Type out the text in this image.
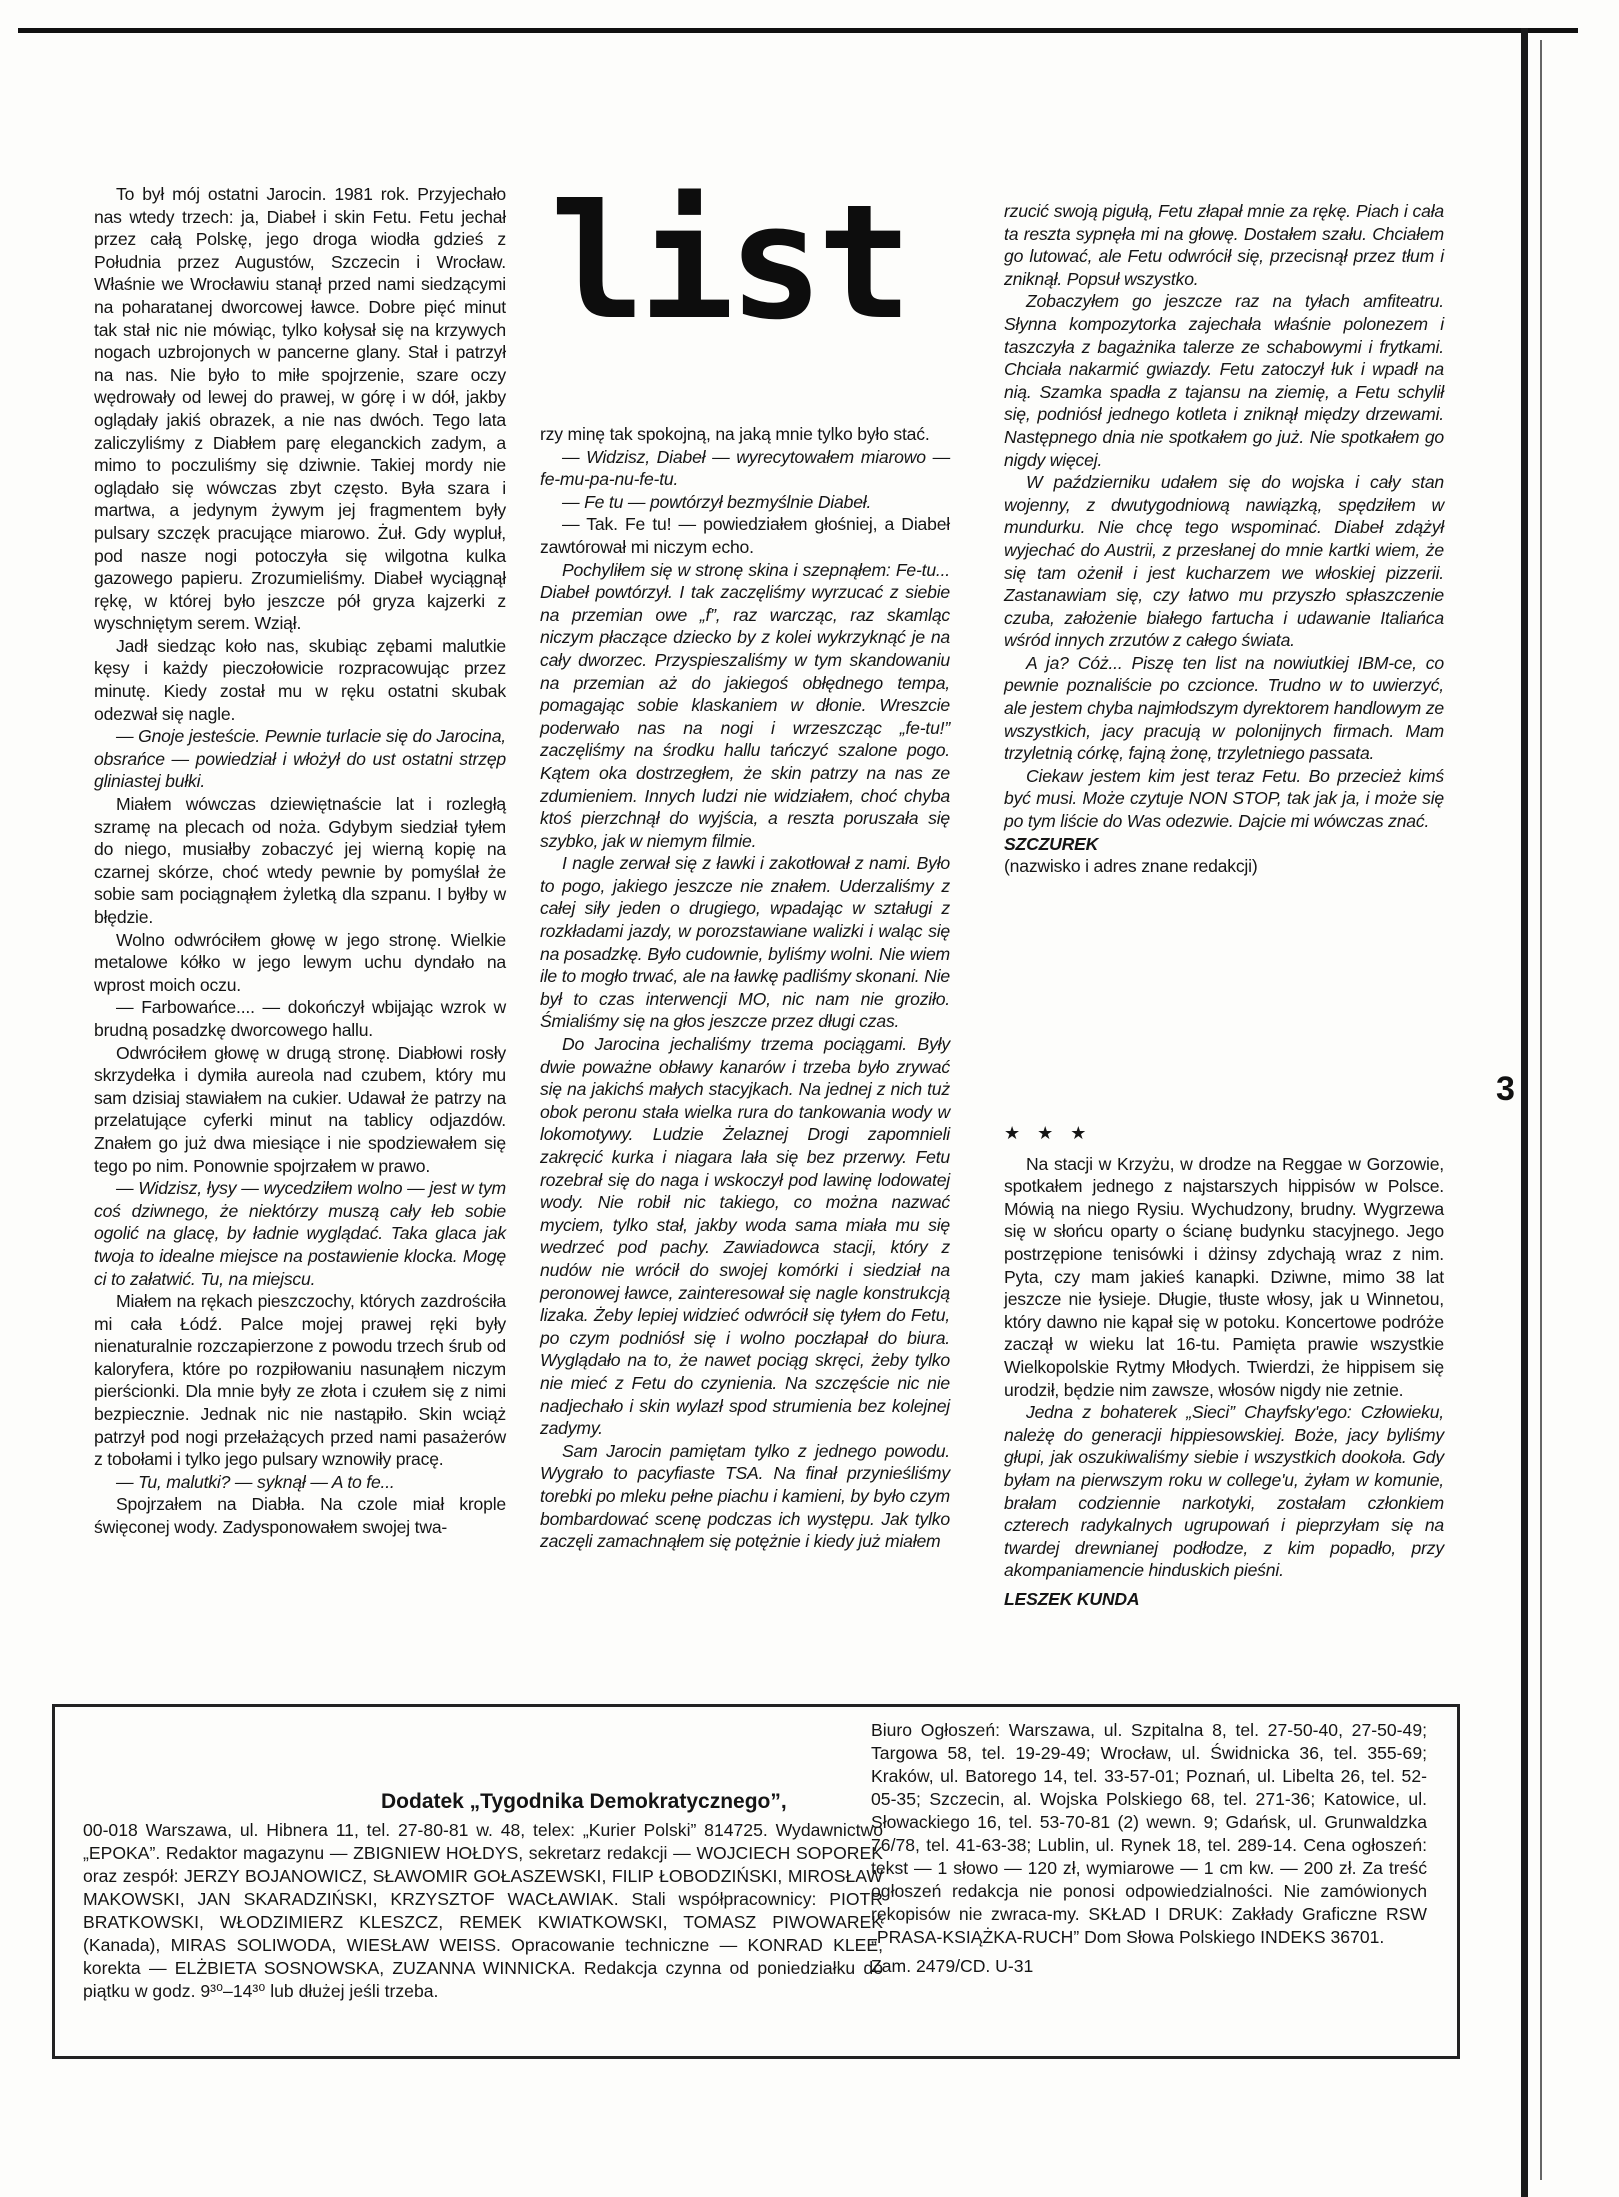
3
list

To był mój ostatni Jarocin. 1981 rok. Przyjechało nas wtedy trzech: ja, Diabeł i skin Fetu. Fetu jechał przez całą Polskę, jego droga wiodła gdzieś z Południa przez Augustów, Szczecin i Wrocław. Właśnie we Wrocławiu stanął przed nami siedzącymi na poharatanej dworcowej ławce. Dobre pięć minut tak stał nic nie mówiąc, tylko kołysał się na krzywych nogach uzbrojonych w pancerne glany. Stał i patrzył na nas. Nie było to miłe spojrzenie, szare oczy wędrowały od lewej do prawej, w górę i w dół, jakby oglądały jakiś obrazek, a nie nas dwóch. Tego lata zaliczyliśmy z Diabłem parę eleganckich zadym, a mimo to poczuliśmy się dziwnie. Takiej mordy nie oglądało się wówczas zbyt często. Była szara i martwa, a jedynym żywym jej fragmentem były pulsary szczęk pracujące miarowo. Żuł. Gdy wypluł, pod nasze nogi potoczyła się wilgotna kulka gazowego papieru. Zrozumieliśmy. Diabeł wyciągnął rękę, w której było jeszcze pół gryza kajzerki z wyschniętym serem. Wziął.

Jadł siedząc koło nas, skubiąc zębami malutkie kęsy i każdy pieczołowicie rozpracowując przez minutę. Kiedy został mu w ręku ostatni skubak odezwał się nagle.

— Gnoje jesteście. Pewnie turlacie się do Jarocina, obsrańce — powiedział i włożył do ust ostatni strzęp gliniastej bułki.

Miałem wówczas dziewiętnaście lat i rozległą szramę na plecach od noża. Gdybym siedział tyłem do niego, musiałby zobaczyć jej wierną kopię na czarnej skórze, choć wtedy pewnie by pomyślał że sobie sam pociągnąłem żyletką dla szpanu. I byłby w błędzie.

Wolno odwróciłem głowę w jego stronę. Wielkie metalowe kółko w jego lewym uchu dyndało na wprost moich oczu.

— Farbowańce.... — dokończył wbijając wzrok w brudną posadzkę dworcowego hallu.

Odwróciłem głowę w drugą stronę. Diabłowi rosły skrzydełka i dymiła aureola nad czubem, który mu sam dzisiaj stawiałem na cukier. Udawał że patrzy na przelatujące cyferki minut na tablicy odjazdów. Znałem go już dwa miesiące i nie spodziewałem się tego po nim. Ponownie spojrzałem w prawo.

— Widzisz, łysy — wycedziłem wolno — jest w tym coś dziwnego, że niektórzy muszą cały łeb sobie ogolić na glacę, by ładnie wyglądać. Taka glaca jak twoja to idealne miejsce na postawienie klocka. Mogę ci to załatwić. Tu, na miejscu.

Miałem na rękach pieszczochy, których zazdrościła mi cała Łódź. Palce mojej prawej ręki były nienaturalnie rozczapierzone z powodu trzech śrub od kaloryfera, które po rozpiłowaniu nasunąłem niczym pierścionki. Dla mnie były ze złota i czułem się z nimi bezpiecznie. Jednak nic nie nastąpiło. Skin wciąż patrzył pod nogi przełażących przed nami pasażerów z tobołami i tylko jego pulsary wznowiły pracę.

— Tu, malutki? — syknął — A to fe...

Spojrzałem na Diabła. Na czole miał krople święconej wody. Zadysponowałem swojej twa-

rzy minę tak spokojną, na jaką mnie tylko było stać.

— Widzisz, Diabeł — wyrecytowałem miarowo — fe-mu-pa-nu-fe-tu.

— Fe tu — powtórzył bezmyślnie Diabeł.

— Tak. Fe tu! — powiedziałem głośniej, a Diabeł zawtórował mi niczym echo.

Pochyliłem się w stronę skina i szepnąłem: Fe-tu... Diabeł powtórzył. I tak zaczęliśmy wyrzucać z siebie na przemian owe „f”, raz warcząc, raz skamląc niczym płaczące dziecko by z kolei wykrzyknąć je na cały dworzec. Przyspieszaliśmy w tym skandowaniu na przemian aż do jakiegoś obłędnego tempa, pomagając sobie klaskaniem w dłonie. Wreszcie poderwało nas na nogi i wrzeszcząc „fe-tu!” zaczęliśmy na środku hallu tańczyć szalone pogo. Kątem oka dostrzegłem, że skin patrzy na nas ze zdumieniem. Innych ludzi nie widziałem, choć chyba ktoś pierzchnął do wyjścia, a reszta poruszała się szybko, jak w niemym filmie.

I nagle zerwał się z ławki i zakotłował z nami. Było to pogo, jakiego jeszcze nie znałem. Uderzaliśmy z całej siły jeden o drugiego, wpadając w ształugi z rozkładami jazdy, w porozstawiane walizki i waląc się na posadzkę. Było cudownie, byliśmy wolni. Nie wiem ile to mogło trwać, ale na ławkę padliśmy skonani. Nie był to czas interwencji MO, nic nam nie groziło. Śmialiśmy się na głos jeszcze przez długi czas.

Do Jarocina jechaliśmy trzema pociągami. Były dwie poważne obławy kanarów i trzeba było zrywać się na jakichś małych stacyjkach. Na jednej z nich tuż obok peronu stała wielka rura do tankowania wody w lokomotywy. Ludzie Żelaznej Drogi zapomnieli zakręcić kurka i niagara lała się bez przerwy. Fetu rozebrał się do naga i wskoczył pod lawinę lodowatej wody. Nie robił nic takiego, co można nazwać myciem, tylko stał, jakby woda sama miała mu się wedrzeć pod pachy. Zawiadowca stacji, który z nudów nie wrócił do swojej komórki i siedział na peronowej ławce, zainteresował się nagle konstrukcją lizaka. Żeby lepiej widzieć odwrócił się tyłem do Fetu, po czym podniósł się i wolno poczłapał do biura. Wyglądało na to, że nawet pociąg skręci, żeby tylko nie mieć z Fetu do czynienia. Na szczęście nic nie nadjechało i skin wylazł spod strumienia bez kolejnej zadymy.

Sam Jarocin pamiętam tylko z jednego powodu. Wygrało to pacyfiaste TSA. Na finał przynieśliśmy torebki po mleku pełne piachu i kamieni, by było czym bombardować scenę podczas ich występu. Jak tylko zaczęli zamachnąłem się potężnie i kiedy już miałem

rzucić swoją pigułą, Fetu złapał mnie za rękę. Piach i cała ta reszta sypnęła mi na głowę. Dostałem szału. Chciałem go lutować, ale Fetu odwrócił się, przecisnął przez tłum i zniknął. Popsuł wszystko.

Zobaczyłem go jeszcze raz na tyłach amfiteatru. Słynna kompozytorka zajechała właśnie polonezem i taszczyła z bagażnika talerze ze schabowymi i frytkami. Chciała nakarmić gwiazdy. Fetu zatoczył łuk i wpadł na nią. Szamka spadła z tajansu na ziemię, a Fetu schylił się, podniósł jednego kotleta i zniknął między drzewami. Następnego dnia nie spotkałem go już. Nie spotkałem go nigdy więcej.

W październiku udałem się do wojska i cały stan wojenny, z dwutygodniową nawiązką, spędziłem w mundurku. Nie chcę tego wspominać. Diabeł zdążył wyjechać do Austrii, z przesłanej do mnie kartki wiem, że się tam ożenił i jest kucharzem we włoskiej pizzerii. Zastanawiam się, czy łatwo mu przyszło spłaszczenie czuba, założenie białego fartucha i udawanie Italiańca wśród innych zrzutów z całego świata.

A ja? Cóż... Piszę ten list na nowiutkiej IBM-ce, co pewnie poznaliście po czcionce. Trudno w to uwierzyć, ale jestem chyba najmłodszym dyrektorem handlowym ze wszystkich, jacy pracują w polonijnych firmach. Mam trzyletnią córkę, fajną żonę, trzyletniego passata.

Ciekaw jestem kim jest teraz Fetu. Bo przecież kimś być musi. Może czytuje NON STOP, tak jak ja, i może się po tym liście do Was odezwie. Dajcie mi wówczas znać.

SZCZUREK

(nazwisko i adres znane redakcji)

★ ★ ★

Na stacji w Krzyżu, w drodze na Reggae w Gorzowie, spotkałem jednego z najstarszych hippisów w Polsce. Mówią na niego Rysiu. Wychudzony, brudny. Wygrzewa się w słońcu oparty o ścianę budynku stacyjnego. Jego postrzępione tenisówki i dżinsy zdychają wraz z nim. Pyta, czy mam jakieś kanapki. Dziwne, mimo 38 lat jeszcze nie łysieje. Długie, tłuste włosy, jak u Winnetou, który dawno nie kąpał się w potoku. Koncertowe podróże zaczął w wieku lat 16-tu. Pamięta prawie wszystkie Wielkopolskie Rytmy Młodych. Twierdzi, że hippisem się urodził, będzie nim zawsze, włosów nigdy nie zetnie.

Jedna z bohaterek „Sieci” Chayfsky'ego: Człowieku, należę do generacji hippiesowskiej. Boże, jacy byliśmy głupi, jak oszukiwaliśmy siebie i wszystkich dookoła. Gdy byłam na pierwszym roku w college'u, żyłam w komunie, brałam codziennie narkotyki, zostałam członkiem czterech radykalnych ugrupowań i pieprzyłam się na twardej drewnianej podłodze, z kim popadło, przy akompaniamencie hinduskich pieśni.

LESZEK KUNDA

Dodatek „Tygodnika Demokratycznego”,
00-018 Warszawa, ul. Hibnera 11, tel. 27-80-81 w. 48, telex: „Kurier Polski” 814725. Wydawnictwo „EPOKA”. Redaktor magazynu — ZBIGNIEW HOŁDYS, sekretarz redakcji — WOJCIECH SOPOREK oraz zespół: JERZY BOJANOWICZ, SŁAWOMIR GOŁASZEWSKI, FILIP ŁOBODZIŃSKI, MIROSŁAW MAKOWSKI, JAN SKARADZIŃSKI, KRZYSZTOF WACŁAWIAK. Stali współpracownicy: PIOTR BRATKOWSKI, WŁODZIMIERZ KLESZCZ, REMEK KWIATKOWSKI, TOMASZ PIWOWAREK (Kanada), MIRAS SOLIWODA, WIESŁAW WEISS. Opracowanie techniczne — KONRAD KLEE, korekta — ELŻBIETA SOSNOWSKA, ZUZANNA WINNICKA. Redakcja czynna od poniedziałku do piątku w godz. 9³⁰–14³⁰ lub dłużej jeśli trzeba.
Biuro Ogłoszeń: Warszawa, ul. Szpitalna 8, tel. 27-50-40, 27-50-49; Targowa 58, tel. 19-29-49; Wrocław, ul. Świdnicka 36, tel. 355-69; Kraków, ul. Batorego 14, tel. 33-57-01; Poznań, ul. Libelta 26, tel. 52-05-35; Szczecin, al. Wojska Polskiego 68, tel. 271-36; Katowice, ul. Słowackiego 16, tel. 53-70-81 (2) wewn. 9; Gdańsk, ul. Grunwaldzka 76/78, tel. 41-63-38; Lublin, ul. Rynek 18, tel. 289-14. Cena ogłoszeń: tekst — 1 słowo — 120 zł, wymiarowe — 1 cm kw. — 200 zł. Za treść ogłoszeń redakcja nie ponosi odpowiedzialności. Nie zamówionych rękopisów nie zwraca-my. SKŁAD I DRUK: Zakłady Graficzne RSW „PRASA-KSIĄŻKA-RUCH” Dom Słowa Polskiego INDEKS 36701.
Zam. 2479/CD. U-31
